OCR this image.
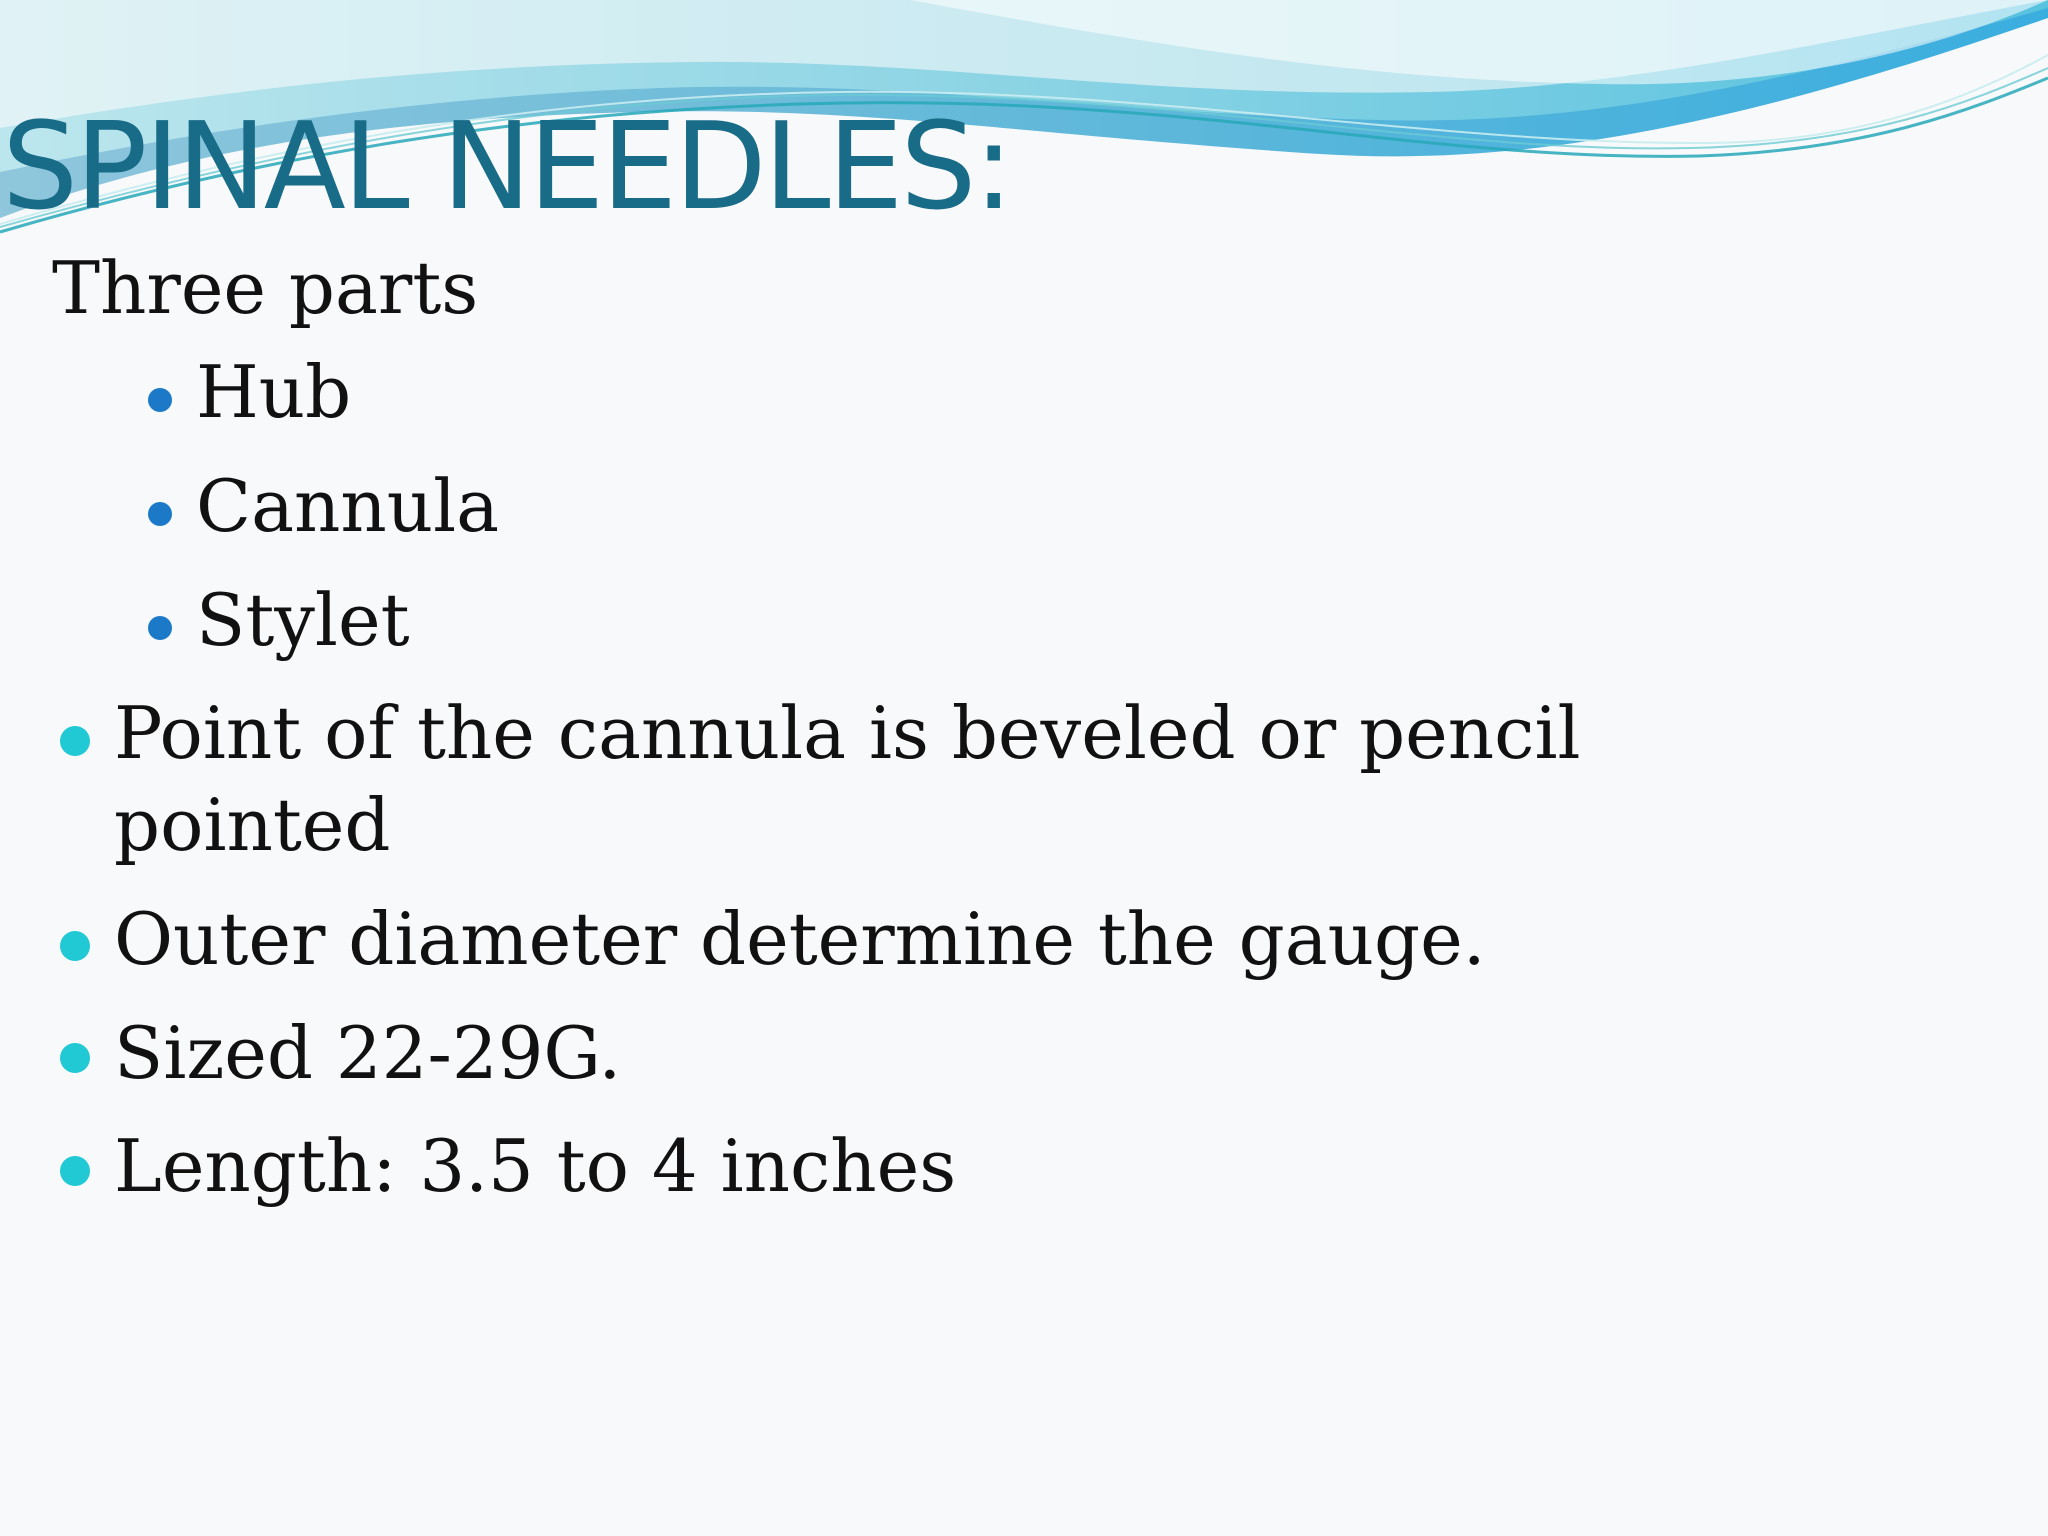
SPINAL NEEDLES:
Three parts
Hub
Cannula
Stylet
Point of the cannula is beveled or pencil
pointed
Outer diameter determine the gauge.
Sized 22-29G.
Length: 3.5 to 4 inches
